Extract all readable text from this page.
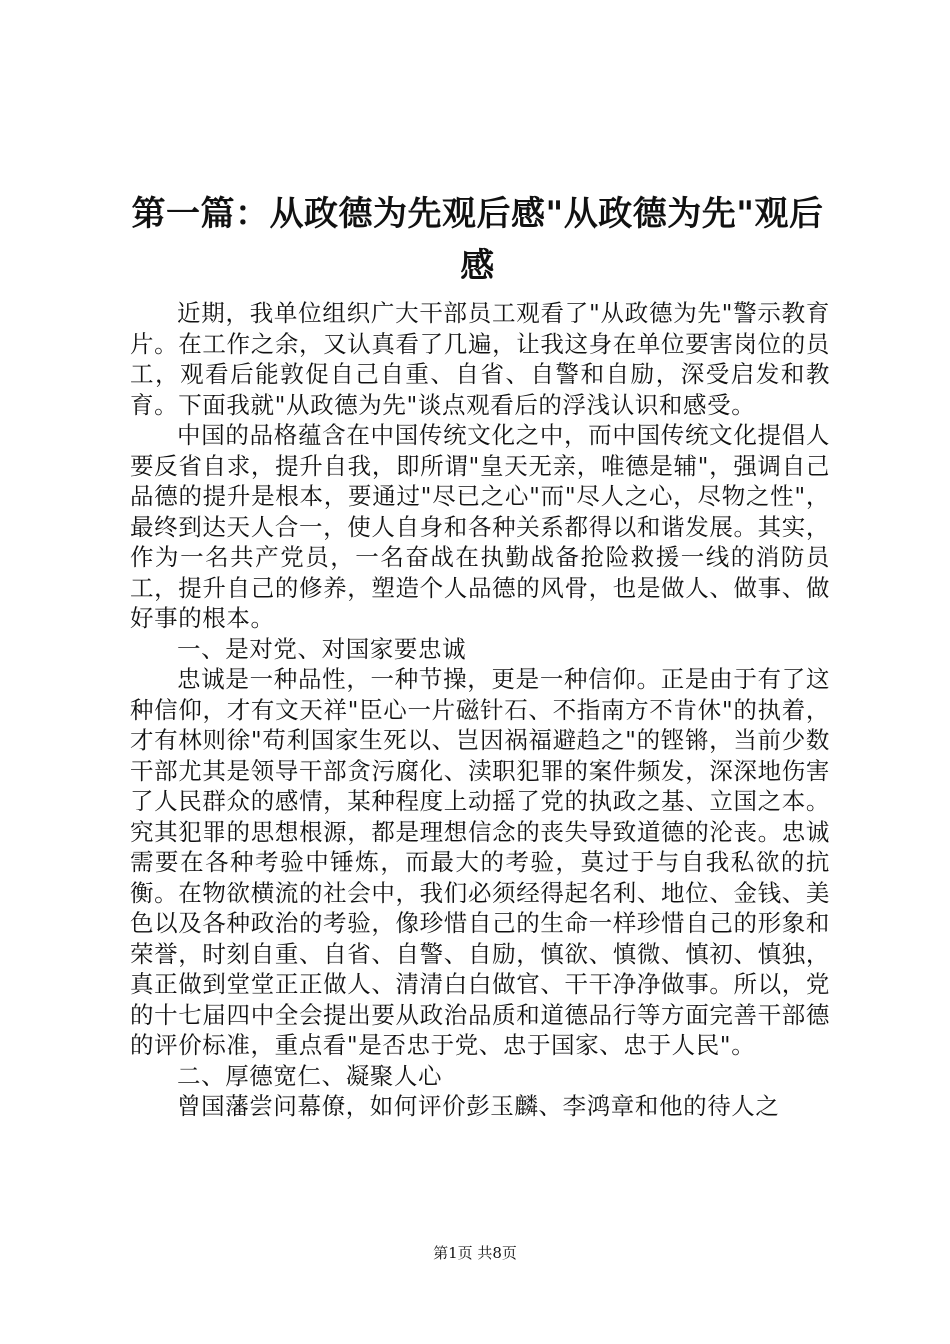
第一篇：从政德为先观后感"从政德为先"观后感

近期，我单位组织广大干部员工观看了"从政德为先"警示教育片。在工作之余，又认真看了几遍，让我这身在单位要害岗位的员工，观看后能敦促自己自重、自省、自警和自励，深受启发和教育。下面我就"从政德为先"谈点观看后的浮浅认识和感受。

中国的品格蕴含在中国传统文化之中，而中国传统文化提倡人要反省自求，提升自我，即所谓"皇天无亲，唯德是辅"，强调自己品德的提升是根本，要通过"尽已之心"而"尽人之心，尽物之性"，最终到达天人合一，使人自身和各种关系都得以和谐发展。其实，作为一名共产党员，一名奋战在执勤战备抢险救援一线的消防员工，提升自己的修养，塑造个人品德的风骨，也是做人、做事、做好事的根本。

一、是对党、对国家要忠诚

忠诚是一种品性，一种节操，更是一种信仰。正是由于有了这种信仰，才有文天祥"臣心一片磁针石、不指南方不肯休"的执着，才有林则徐"苟利国家生死以、岂因祸福避趋之"的铿锵，当前少数干部尤其是领导干部贪污腐化、渎职犯罪的案件频发，深深地伤害了人民群众的感情，某种程度上动摇了党的执政之基、立国之本。究其犯罪的思想根源，都是理想信念的丧失导致道德的沦丧。忠诚需要在各种考验中锤炼，而最大的考验，莫过于与自我私欲的抗衡。在物欲横流的社会中，我们必须经得起名利、地位、金钱、美色以及各种政治的考验，像珍惜自己的生命一样珍惜自己的形象和荣誉，时刻自重、自省、自警、自励，慎欲、慎微、慎初、慎独，真正做到堂堂正正做人、清清白白做官、干干净净做事。所以，党的十七届四中全会提出要从政治品质和道德品行等方面完善干部德的评价标准，重点看"是否忠于党、忠于国家、忠于人民"。

二、厚德宽仁、凝聚人心

曾国藩尝问幕僚，如何评价彭玉麟、李鸿章和他的待人之

第1页 共8页
